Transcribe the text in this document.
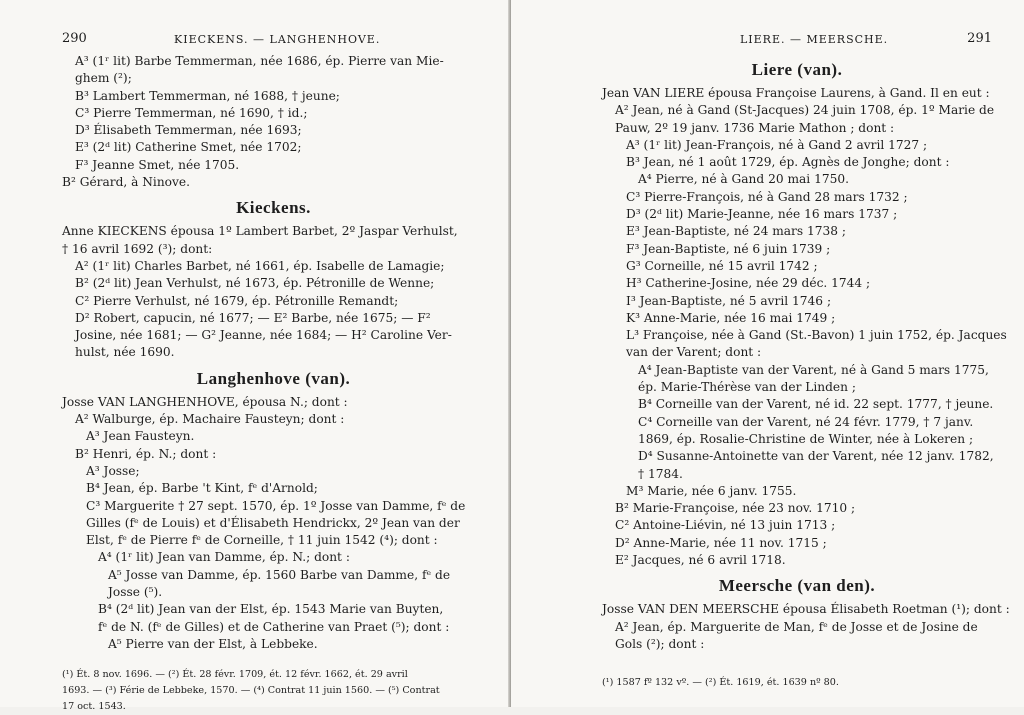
290	KIECKENS. — LANGHENHOVE.
A³ (1ʳ lit) Barbe Temmerman, née 1686, ép. Pierre van Mie-
ghem (²);
B³ Lambert Temmerman, né 1688, † jeune;
C³ Pierre Temmerman, né 1690, † id.;
D³ Élisabeth Temmerman, née 1693;
E³ (2ᵈ lit) Catherine Smet, née 1702;
F³ Jeanne Smet, née 1705.
B² Gérard, à Ninove.
Kieckens.
Anne KIECKENS épousa 1º Lambert Barbet, 2º Jaspar Verhulst,
† 16 avril 1692 (³); dont:
A² (1ʳ lit) Charles Barbet, né 1661, ép. Isabelle de Lamagie;
B² (2ᵈ lit) Jean Verhulst, né 1673, ép. Pétronille de Wenne;
C² Pierre Verhulst, né 1679, ép. Pétronille Remandt;
D² Robert, capucin, né 1677; — E² Barbe, née 1675; — F²
Josine, née 1681; — G² Jeanne, née 1684; — H² Caroline Ver-
hulst, née 1690.
Langhenhove (van).
Josse VAN LANGHENHOVE, épousa N.; dont :
A² Walburge, ép. Machaire Fausteyn; dont :
A³ Jean Fausteyn.
B² Henri, ép. N.; dont :
A³ Josse;
B⁴ Jean, ép. Barbe 't Kint, fᵉ d'Arnold;
C³ Marguerite † 27 sept. 1570, ép. 1º Josse van Damme, fᵉ de
Gilles (fᵉ de Louis) et d'Élisabeth Hendrickx, 2º Jean van der
Elst, fᵉ de Pierre fᵉ de Corneille, † 11 juin 1542 (⁴); dont :
A⁴ (1ʳ lit) Jean van Damme, ép. N.; dont :
A⁵ Josse van Damme, ép. 1560 Barbe van Damme, fᵉ de
Josse (⁵).
B⁴ (2ᵈ lit) Jean van der Elst, ép. 1543 Marie van Buyten,
fᵉ de N. (fᵉ de Gilles) et de Catherine van Praet (⁵); dont :
A⁵ Pierre van der Elst, à Lebbeke.
(¹) Ét. 8 nov. 1696. — (²) Ét. 28 févr. 1709, ét. 12 févr. 1662, ét. 29 avril
1693. — (³) Férie de Lebbeke, 1570. — (⁴) Contrat 11 juin 1560. — (⁵) Contrat
17 oct. 1543.
LIERE. — MEERSCHE.	291
Liere (van).
Jean VAN LIERE épousa Françoise Laurens, à Gand. Il en eut :
A² Jean, né à Gand (St-Jacques) 24 juin 1708, ép. 1º Marie de
Pauw, 2º 19 janv. 1736 Marie Mathon ; dont :
A³ (1ʳ lit) Jean-François, né à Gand 2 avril 1727 ;
B³ Jean, né 1 août 1729, ép. Agnès de Jonghe; dont :
A⁴ Pierre, né à Gand 20 mai 1750.
C³ Pierre-François, né à Gand 28 mars 1732 ;
D³ (2ᵈ lit) Marie-Jeanne, née 16 mars 1737 ;
E³ Jean-Baptiste, né 24 mars 1738 ;
F³ Jean-Baptiste, né 6 juin 1739 ;
G³ Corneille, né 15 avril 1742 ;
H³ Catherine-Josine, née 29 déc. 1744 ;
I³ Jean-Baptiste, né 5 avril 1746 ;
K³ Anne-Marie, née 16 mai 1749 ;
L³ Françoise, née à Gand (St.-Bavon) 1 juin 1752, ép. Jacques
van der Varent; dont :
A⁴ Jean-Baptiste van der Varent, né à Gand 5 mars 1775,
ép. Marie-Thérèse van der Linden ;
B⁴ Corneille van der Varent, né id. 22 sept. 1777, † jeune.
C⁴ Corneille van der Varent, né 24 févr. 1779, † 7 janv.
1869, ép. Rosalie-Christine de Winter, née à Lokeren ;
D⁴ Susanne-Antoinette van der Varent, née 12 janv. 1782,
† 1784.
M³ Marie, née 6 janv. 1755.
B² Marie-Françoise, née 23 nov. 1710 ;
C² Antoine-Liévin, né 13 juin 1713 ;
D² Anne-Marie, née 11 nov. 1715 ;
E² Jacques, né 6 avril 1718.
Meersche (van den).
Josse VAN DEN MEERSCHE épousa Élisabeth Roetman (¹); dont :
A² Jean, ép. Marguerite de Man, fᵉ de Josse et de Josine de
Gols (²); dont :
(¹) 1587 fº 132 vº. — (²) Ét. 1619, ét. 1639 nº 80.
